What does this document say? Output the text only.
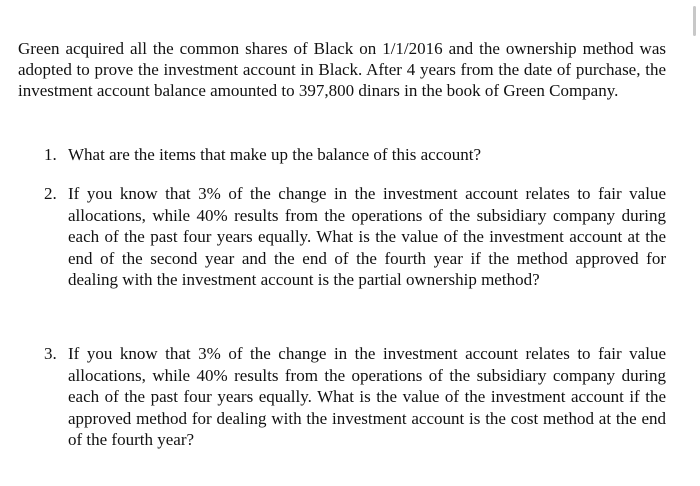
Green acquired all the common shares of Black on 1/1/2016 and the ownership method was adopted to prove the investment account in Black. After 4 years from the date of purchase, the investment account balance amounted to 397,800 dinars in the book of Green Company.

1. What are the items that make up the balance of this account?
2. If you know that 3% of the change in the investment account relates to fair value allocations, while 40% results from the operations of the subsidiary company during each of the past four years equally. What is the value of the investment account at the end of the second year and the end of the fourth year if the method approved for dealing with the investment account is the partial ownership method?
3. If you know that 3% of the change in the investment account relates to fair value allocations, while 40% results from the operations of the subsidiary company during each of the past four years equally. What is the value of the investment account if the approved method for dealing with the investment account is the cost method at the end of the fourth year?
